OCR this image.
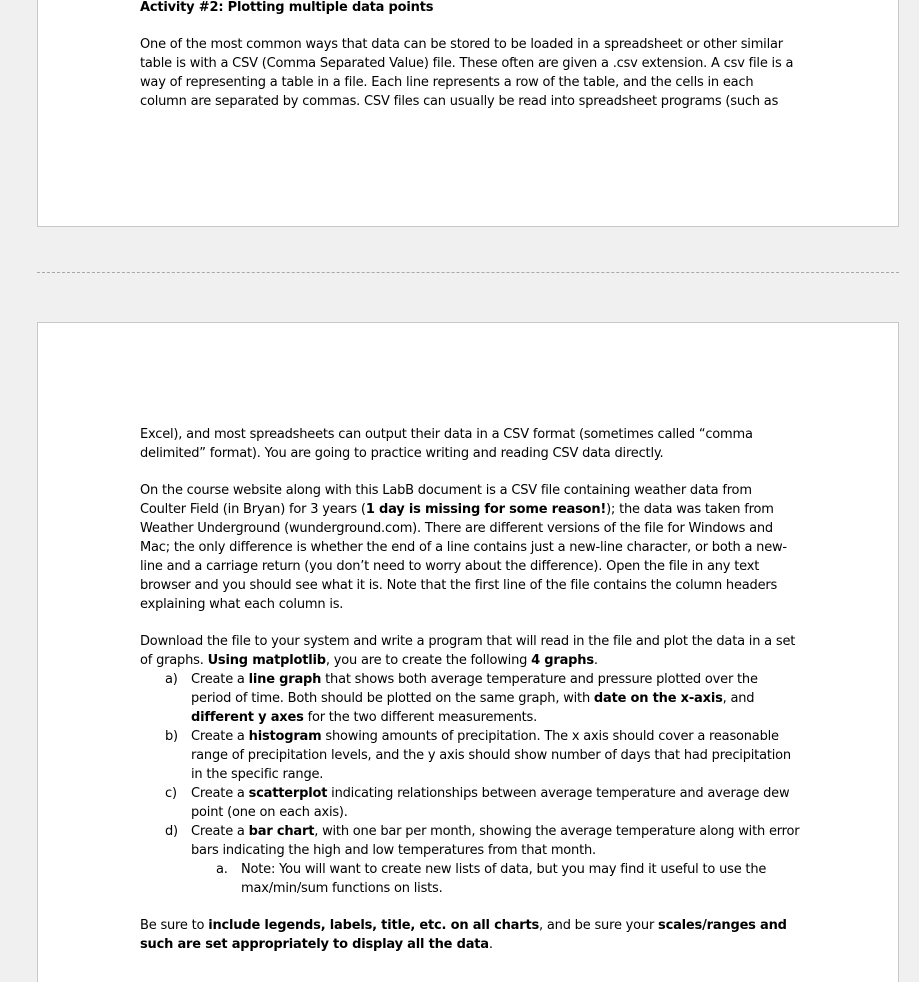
Activity #2: Plotting multiple data points

One of the most common ways that data can be stored to be loaded in a spreadsheet or other similar table is with a CSV (Comma Separated Value) file. These often are given a .csv extension. A csv file is a way of representing a table in a file. Each line represents a row of the table, and the cells in each column are separated by commas. CSV files can usually be read into spreadsheet programs (such as

Excel), and most spreadsheets can output their data in a CSV format (sometimes called “comma delimited” format). You are going to practice writing and reading CSV data directly.

On the course website along with this LabB document is a CSV file containing weather data from Coulter Field (in Bryan) for 3 years (1 day is missing for some reason!); the data was taken from Weather Underground (wunderground.com). There are different versions of the file for Windows and Mac; the only difference is whether the end of a line contains just a new-line character, or both a new-line and a carriage return (you don’t need to worry about the difference). Open the file in any text browser and you should see what it is. Note that the first line of the file contains the column headers explaining what each column is.

Download the file to your system and write a program that will read in the file and plot the data in a set of graphs. Using matplotlib, you are to create the following 4 graphs.

a) Create a line graph that shows both average temperature and pressure plotted over the period of time. Both should be plotted on the same graph, with date on the x-axis, and different y axes for the two different measurements.
b) Create a histogram showing amounts of precipitation. The x axis should cover a reasonable range of precipitation levels, and the y axis should show number of days that had precipitation in the specific range.
c) Create a scatterplot indicating relationships between average temperature and average dew point (one on each axis).
d) Create a bar chart, with one bar per month, showing the average temperature along with error bars indicating the high and low temperatures from that month.
a. Note: You will want to create new lists of data, but you may find it useful to use the max/min/sum functions on lists.

Be sure to include legends, labels, title, etc. on all charts, and be sure your scales/ranges and such are set appropriately to display all the data.
